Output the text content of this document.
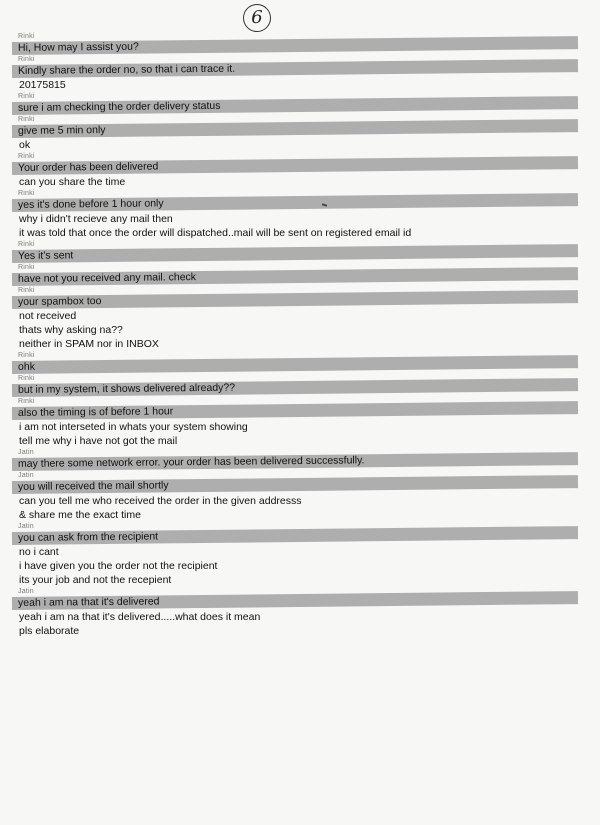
6
Rinki
Hi, How may I assist you?
Rinki
Kindly share the order no, so that i can trace it.
20175815
Rinki
sure i am checking the order delivery status
Rinki
give me 5 min only
ok
Rinki
Your order has been delivered
can you share the time
Rinki
yes it's done before 1 hour only
why i didn't recieve any mail then
it was told that once the order will dispatched..mail will be sent on registered email id
Rinki
Yes it's sent
Rinki
have not you received any mail. check
Rinki
your spambox too
not received
thats why asking na??
neither in SPAM nor in INBOX
Rinki
ohk
Rinki
but in my system, it shows delivered already??
Rinki
also the timing is of before 1 hour
i am not interseted in whats your system showing
tell me why i have not got the mail
Jatin
may there some network error. your order has been delivered successfully.
Jatin
you will received the mail shortly
can you tell me who received the order in the given addresss
& share me the exact time
Jatin
you can ask from the recipient
no i cant
i have given you the order not the recipient
its your job and not the recepient
Jatin
yeah i am na that it's delivered
yeah i am na that it's delivered.....what does it mean
pls elaborate
